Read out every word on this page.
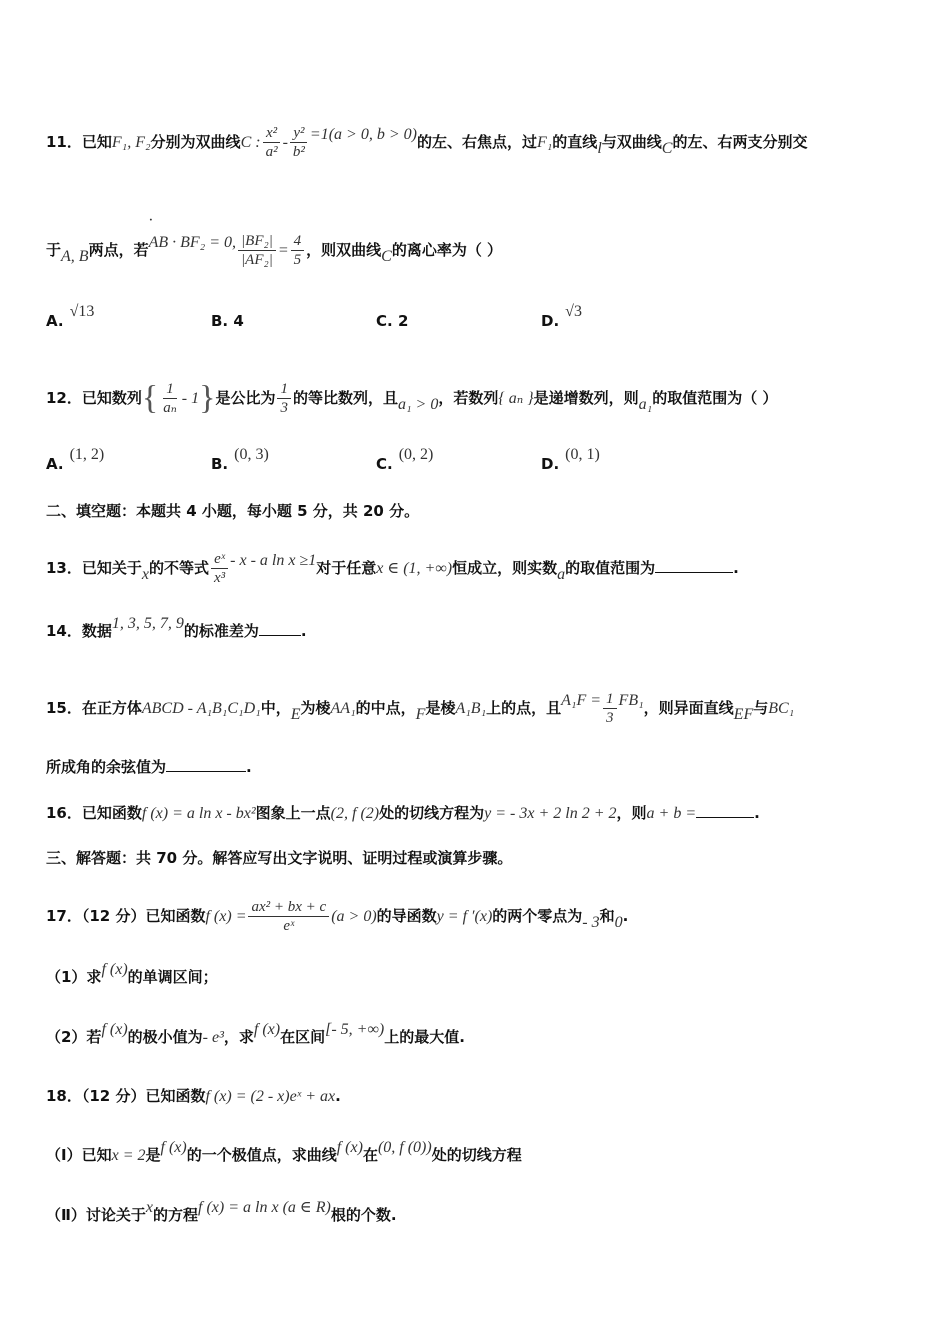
11．已知F₁, F₂分别为双曲线C : $\frac{\text{x²}}{\text{a²}} - \frac{\text{y²}}{\text{b²}} =1(a > 0$, b > 0)的左、右焦点，过F₁的直线l与双曲线C的左、右两支分别交
于A, B两点，若
·
AB · BF₂ = 0, $\frac{\text{|BF₂|}}{\text{|AF₂|}} = \frac{4}{5}$ ，则双曲线C的离心率为（ ）
A.√13
B. 4	C. 2	D.√3
12．已知数列{ $\frac{1}{\text{aₙ}} - 1$}是公比为 $\frac{1}{3}$ 的等比数列，且a₁ > 0，若数列{ aₙ }是递增数列，则a₁的取值范围为（ ）
A.(1, 2)
B.(0, 3)
C.(0, 2)
D.(0, 1)
二、填空题：本题共 4 小题，每小题 5 分，共 20 分。
13．已知关于x的不等式 $\frac{\text{eˣ}}{\text{x³}}$ - x - a ln x ≥1对于任意x ∈ (1, +∞)恒成立，则实数a的取值范围为	.
14．数据1, 3, 5, 7, 9的标准差为	.
15．在正方体ABCD - A₁B₁C₁D₁中，E为棱AA₁的中点，F是棱A₁B₁上的点，且$A_1F = \frac{1}{3} FB_1$，则异面直线EF与BC₁
所成角的余弦值为	.
16．已知函数f (x) = a ln x - bx²图象上一点(2, f (2)处的切线方程为y = - 3x + 2 ln 2 + 2，则a + b =	.
三、解答题：共 70 分。解答应写出文字说明、证明过程或演算步骤。
17．（12 分）已知函数f $(x) = \frac{\text{ax² + bx + c}}{\text{eˣ}} (a > 0)$的导函数y = f ′(x)的两个零点为- 3和0.
（1）求f (x)的单调区间；
（2）若f (x)的极小值为- e³，求f (x)在区间[- 5, +∞)上的最大值.
18．（12 分）已知函数f (x) = (2 - x)eˣ + ax.
（Ⅰ）已知x = 2是f (x)的一个极值点，求曲线f (x)在(0, f (0))处的切线方程
（Ⅱ）讨论关于x的方程f (x) = a ln x (a ∈ R)根的个数.
